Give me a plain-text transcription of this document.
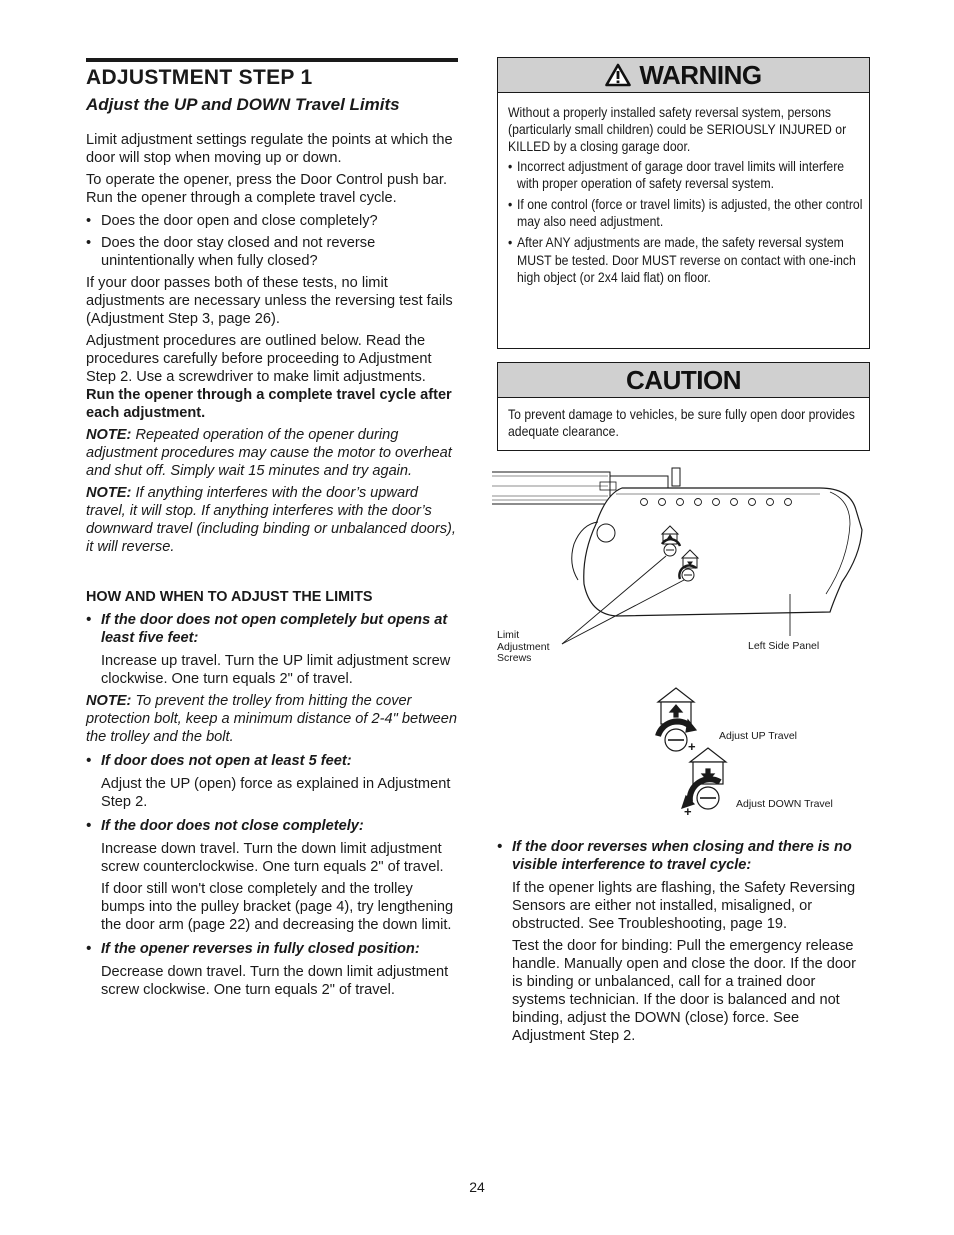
ADJUSTMENT STEP 1
Adjust the UP and DOWN Travel Limits

Limit adjustment settings regulate the points at which the door will stop when moving up or down.

To operate the opener, press the Door Control push bar. Run the opener through a complete travel cycle.

• Does the door open and close completely?
• Does the door stay closed and not reverse unintentionally when fully closed?

If your door passes both of these tests, no limit adjustments are necessary unless the reversing test fails (Adjustment Step 3, page 26).

Adjustment procedures are outlined below. Read the procedures carefully before proceeding to Adjustment Step 2. Use a screwdriver to make limit adjustments. Run the opener through a complete travel cycle after each adjustment.

NOTE: Repeated operation of the opener during adjustment procedures may cause the motor to overheat and shut off. Simply wait 15 minutes and try again.

NOTE: If anything interferes with the door’s upward travel, it will stop. If anything interferes with the door’s downward travel (including binding or unbalanced doors), it will reverse.

HOW AND WHEN TO ADJUST THE LIMITS
• If the door does not open completely but opens at least five feet:

Increase up travel. Turn the UP limit adjustment screw clockwise. One turn equals 2" of travel.

NOTE: To prevent the trolley from hitting the cover protection bolt, keep a minimum distance of 2-4" between the trolley and the bolt.

• If door does not open at least 5 feet:

Adjust the UP (open) force as explained in Adjustment Step 2.

• If the door does not close completely:

Increase down travel. Turn the down limit adjustment screw counterclockwise. One turn equals 2" of travel.

If door still won't close completely and the trolley bumps into the pulley bracket (page 4), try lengthening the door arm (page 22) and decreasing the down limit.

• If the opener reverses in fully closed position:

Decrease down travel. Turn the down limit adjustment screw clockwise. One turn equals 2" of travel.

WARNING

Without a properly installed safety reversal system, persons (particularly small children) could be SERIOUSLY INJURED or KILLED by a closing garage door.

• Incorrect adjustment of garage door travel limits will interfere with proper operation of safety reversal system.
• If one control (force or travel limits) is adjusted, the other control may also need adjustment.
• After ANY adjustments are made, the safety reversal system MUST be tested. Door MUST reverse on contact with one-inch high object (or 2x4 laid flat) on floor.
CAUTION
To prevent damage to vehicles, be sure fully open door provides adequate clearance.
Limit
Adjustment
Screws
Left Side Panel
Adjust UP Travel
Adjust DOWN Travel
+
+
• If the door reverses when closing and there is no visible interference to travel cycle:

If the opener lights are flashing, the Safety Reversing Sensors are either not installed, misaligned, or obstructed. See Troubleshooting, page 19.

Test the door for binding: Pull the emergency release handle. Manually open and close the door. If the door is binding or unbalanced, call for a trained door systems technician. If the door is balanced and not binding, adjust the DOWN (close) force. See Adjustment Step 2.

24
